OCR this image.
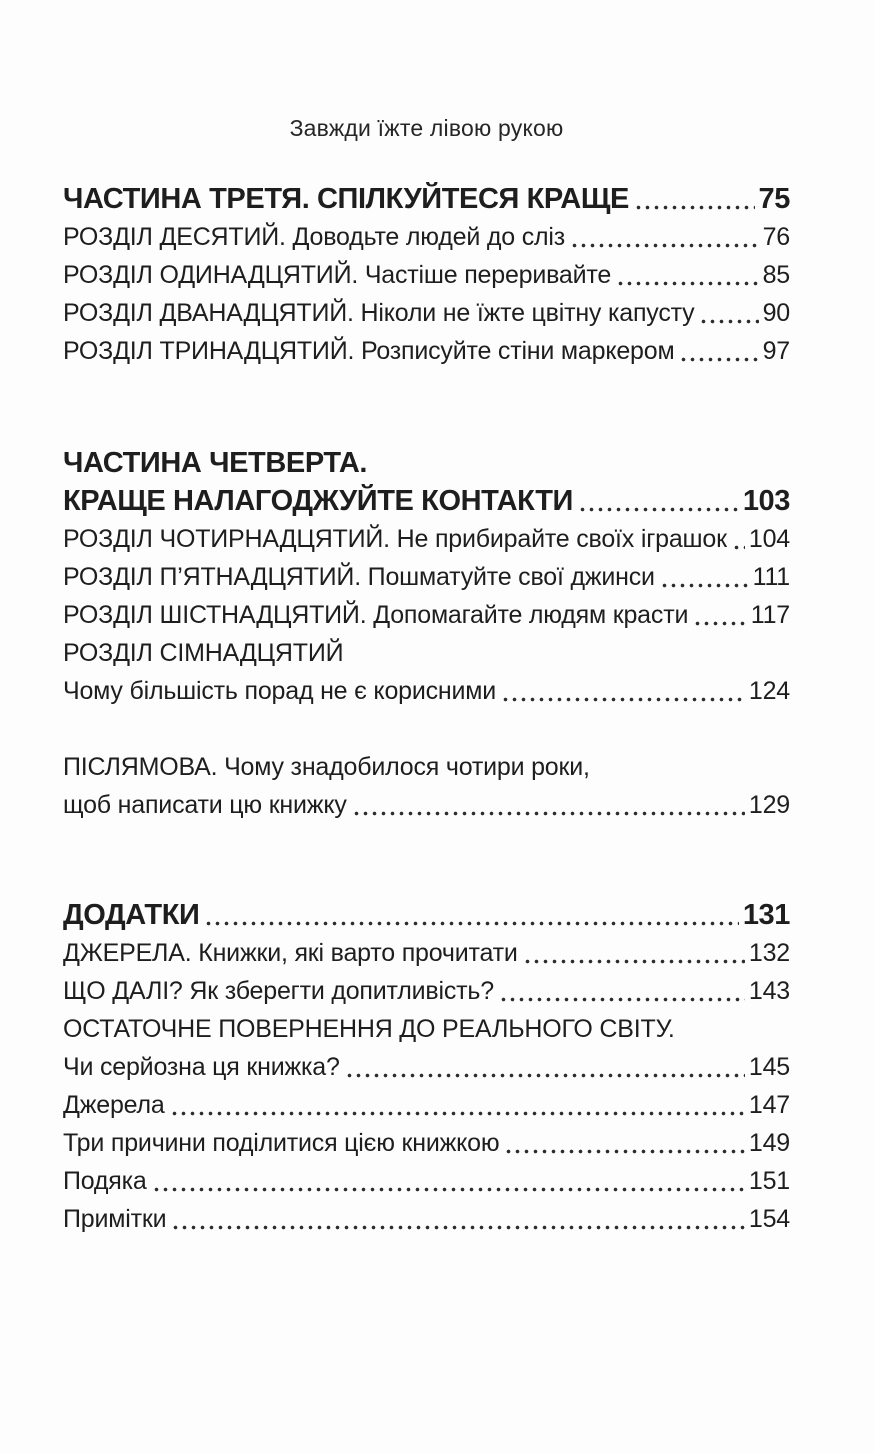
Завжди їжте лівою рукою
ЧАСТИНА ТРЕТЯ. СПІЛКУЙТЕСЯ КРАЩЕ	75
РОЗДІЛ ДЕСЯТИЙ. Доводьте людей до сліз	76
РОЗДІЛ ОДИНАДЦЯТИЙ. Частіше переривайте	85
РОЗДІЛ ДВАНАДЦЯТИЙ. Ніколи не їжте цвітну капусту	90
РОЗДІЛ ТРИНАДЦЯТИЙ. Розписуйте стіни маркером	97
ЧАСТИНА ЧЕТВЕРТА.
КРАЩЕ НАЛАГОДЖУЙТЕ КОНТАКТИ	103
РОЗДІЛ ЧОТИРНАДЦЯТИЙ. Не прибирайте своїх іграшок 104
РОЗДІЛ П’ЯТНАДЦЯТИЙ. Пошматуйте свої джинси	111
РОЗДІЛ ШІСТНАДЦЯТИЙ. Допомагайте людям красти	117
РОЗДІЛ СІМНАДЦЯТИЙ
Чому більшість порад не є корисними	124
ПІСЛЯМОВА. Чому знадобилося чотири роки,
щоб написати цю книжку	129
ДОДАТКИ	131
ДЖЕРЕЛА. Книжки, які варто прочитати	132
ЩО ДАЛІ? Як зберегти допитливість?	143
ОСТАТОЧНЕ ПОВЕРНЕННЯ ДО РЕАЛЬНОГО СВІТУ.
Чи серйозна ця книжка?	145
Джерела	147
Три причини поділитися цією книжкою	149
Подяка	151
Примітки	154
